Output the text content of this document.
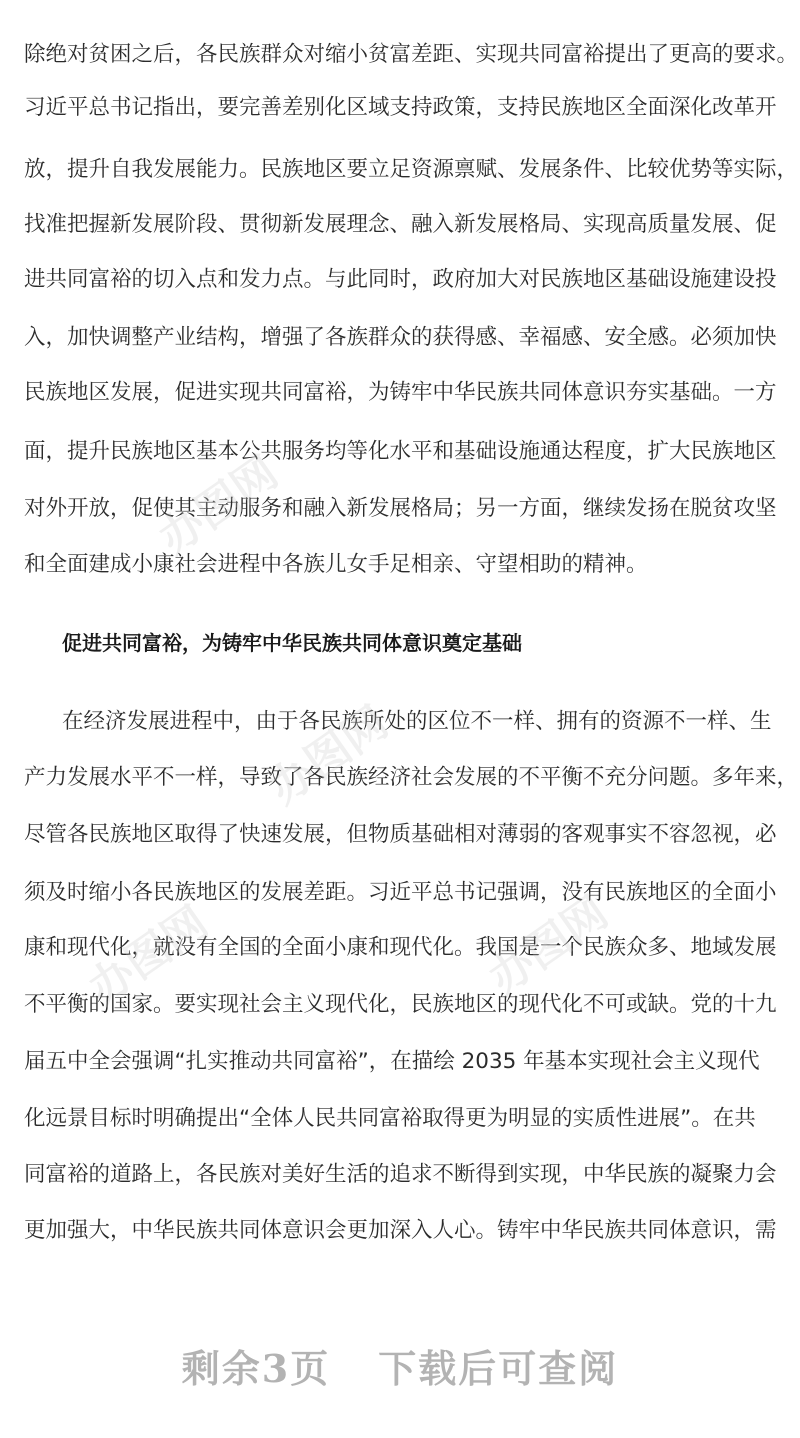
除绝对贫困之后，各民族群众对缩小贫富差距、实现共同富裕提出了更高的要求。
习近平总书记指出，要完善差别化区域支持政策，支持民族地区全面深化改革开
放，提升自我发展能力。民族地区要立足资源禀赋、发展条件、比较优势等实际，
找准把握新发展阶段、贯彻新发展理念、融入新发展格局、实现高质量发展、促
进共同富裕的切入点和发力点。与此同时，政府加大对民族地区基础设施建设投
入，加快调整产业结构，增强了各族群众的获得感、幸福感、安全感。必须加快
民族地区发展，促进实现共同富裕，为铸牢中华民族共同体意识夯实基础。一方
面，提升民族地区基本公共服务均等化水平和基础设施通达程度，扩大民族地区
对外开放，促使其主动服务和融入新发展格局；另一方面，继续发扬在脱贫攻坚
和全面建成小康社会进程中各族儿女手足相亲、守望相助的精神。
促进共同富裕，为铸牢中华民族共同体意识奠定基础
在经济发展进程中，由于各民族所处的区位不一样、拥有的资源不一样、生
产力发展水平不一样，导致了各民族经济社会发展的不平衡不充分问题。多年来，
尽管各民族地区取得了快速发展，但物质基础相对薄弱的客观事实不容忽视，必
须及时缩小各民族地区的发展差距。习近平总书记强调，没有民族地区的全面小
康和现代化，就没有全国的全面小康和现代化。我国是一个民族众多、地域发展
不平衡的国家。要实现社会主义现代化，民族地区的现代化不可或缺。党的十九
届五中全会强调“扎实推动共同富裕”，在描绘 2035 年基本实现社会主义现代
化远景目标时明确提出“全体人民共同富裕取得更为明显的实质性进展”。在共
同富裕的道路上，各民族对美好生活的追求不断得到实现，中华民族的凝聚力会
更加强大，中华民族共同体意识会更加深入人心。铸牢中华民族共同体意识，需
办图网
办图网
办图网	办图网
剩余3页 下载后可查阅
